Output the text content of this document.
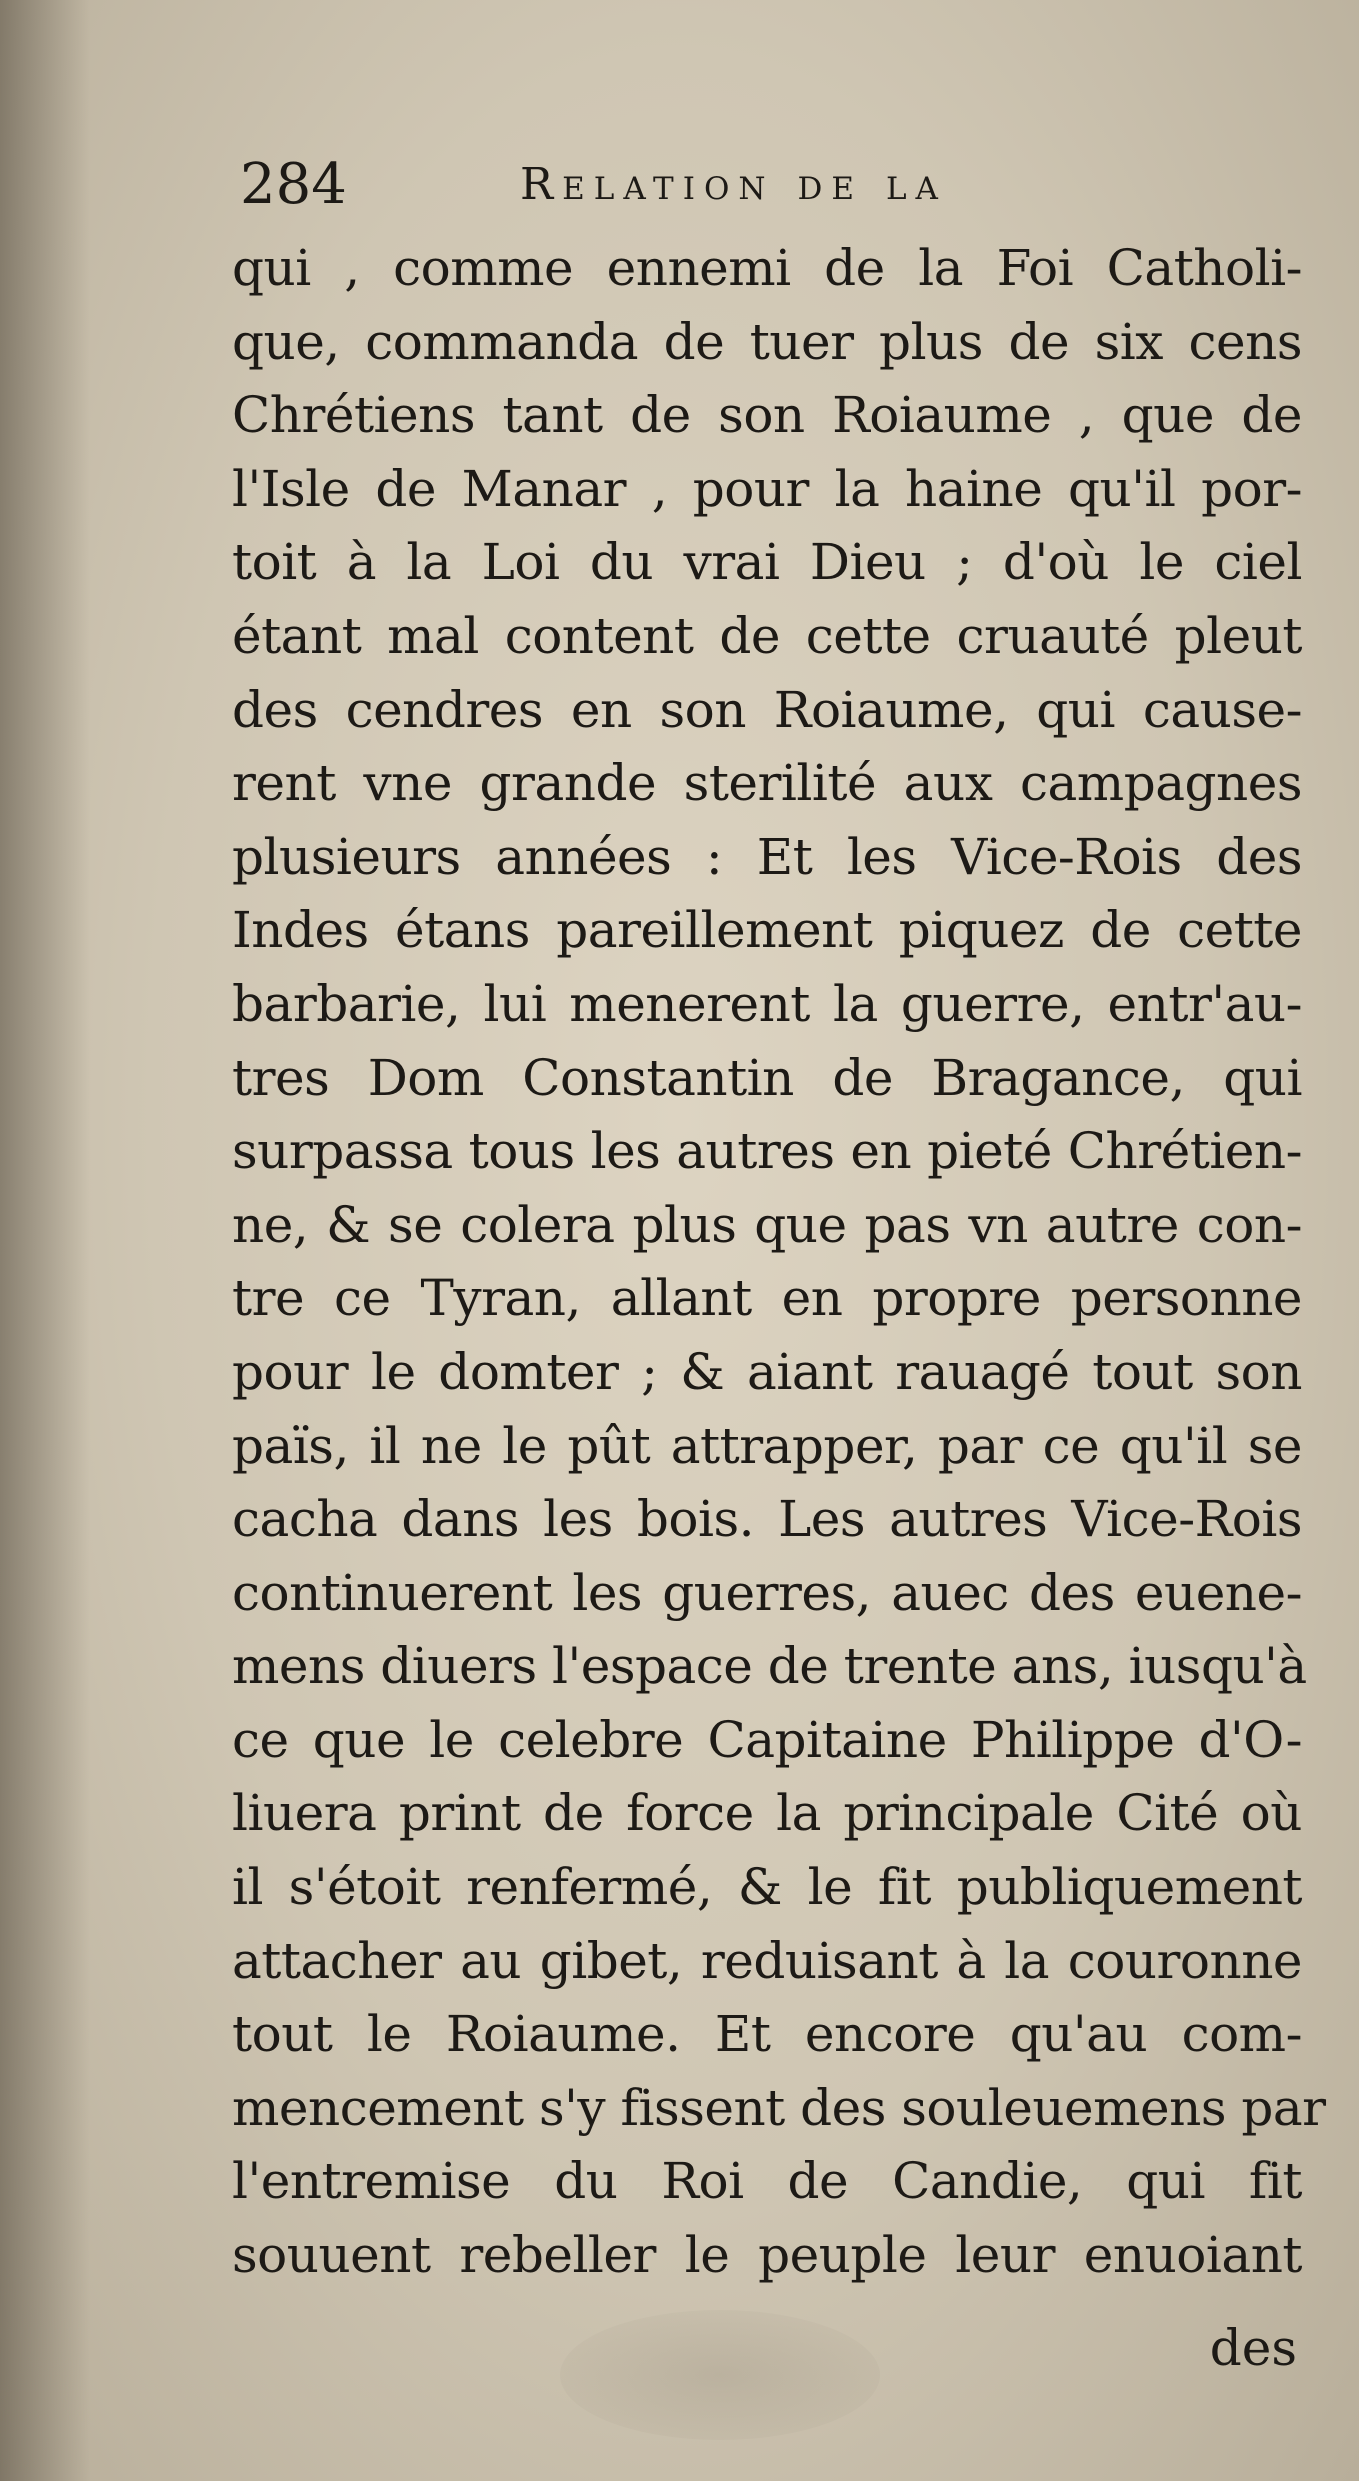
284	Relation de la
qui , comme ennemi de la Foi Catholi-
que, commanda de tuer plus de six cens
Chrétiens tant de son Roiaume , que de
l'Isle de Manar , pour la haine qu'il por-
toit à la Loi du vrai Dieu ; d'où le ciel
étant mal content de cette cruauté pleut
des cendres en son Roiaume, qui cause-
rent vne grande sterilité aux campagnes
plusieurs années : Et les Vice-Rois des
Indes étans pareillement piquez de cette
barbarie, lui menerent la guerre, entr'au-
tres Dom Constantin de Bragance, qui
surpassa tous les autres en pieté Chrétien-
ne, & se colera plus que pas vn autre con-
tre ce Tyran, allant en propre personne
pour le domter ; & aiant rauagé tout son
païs, il ne le pût attrapper, par ce qu'il se
cacha dans les bois. Les autres Vice-Rois
continuerent les guerres, auec des euene-
mens diuers l'espace de trente ans, iusqu'à
ce que le celebre Capitaine Philippe d'O-
liuera print de force la principale Cité où
il s'étoit renfermé, & le fit publiquement
attacher au gibet, reduisant à la couronne
tout le Roiaume. Et encore qu'au com-
mencement s'y fissent des souleuemens par
l'entremise du Roi de Candie, qui fit
souuent rebeller le peuple leur enuoiant
des
